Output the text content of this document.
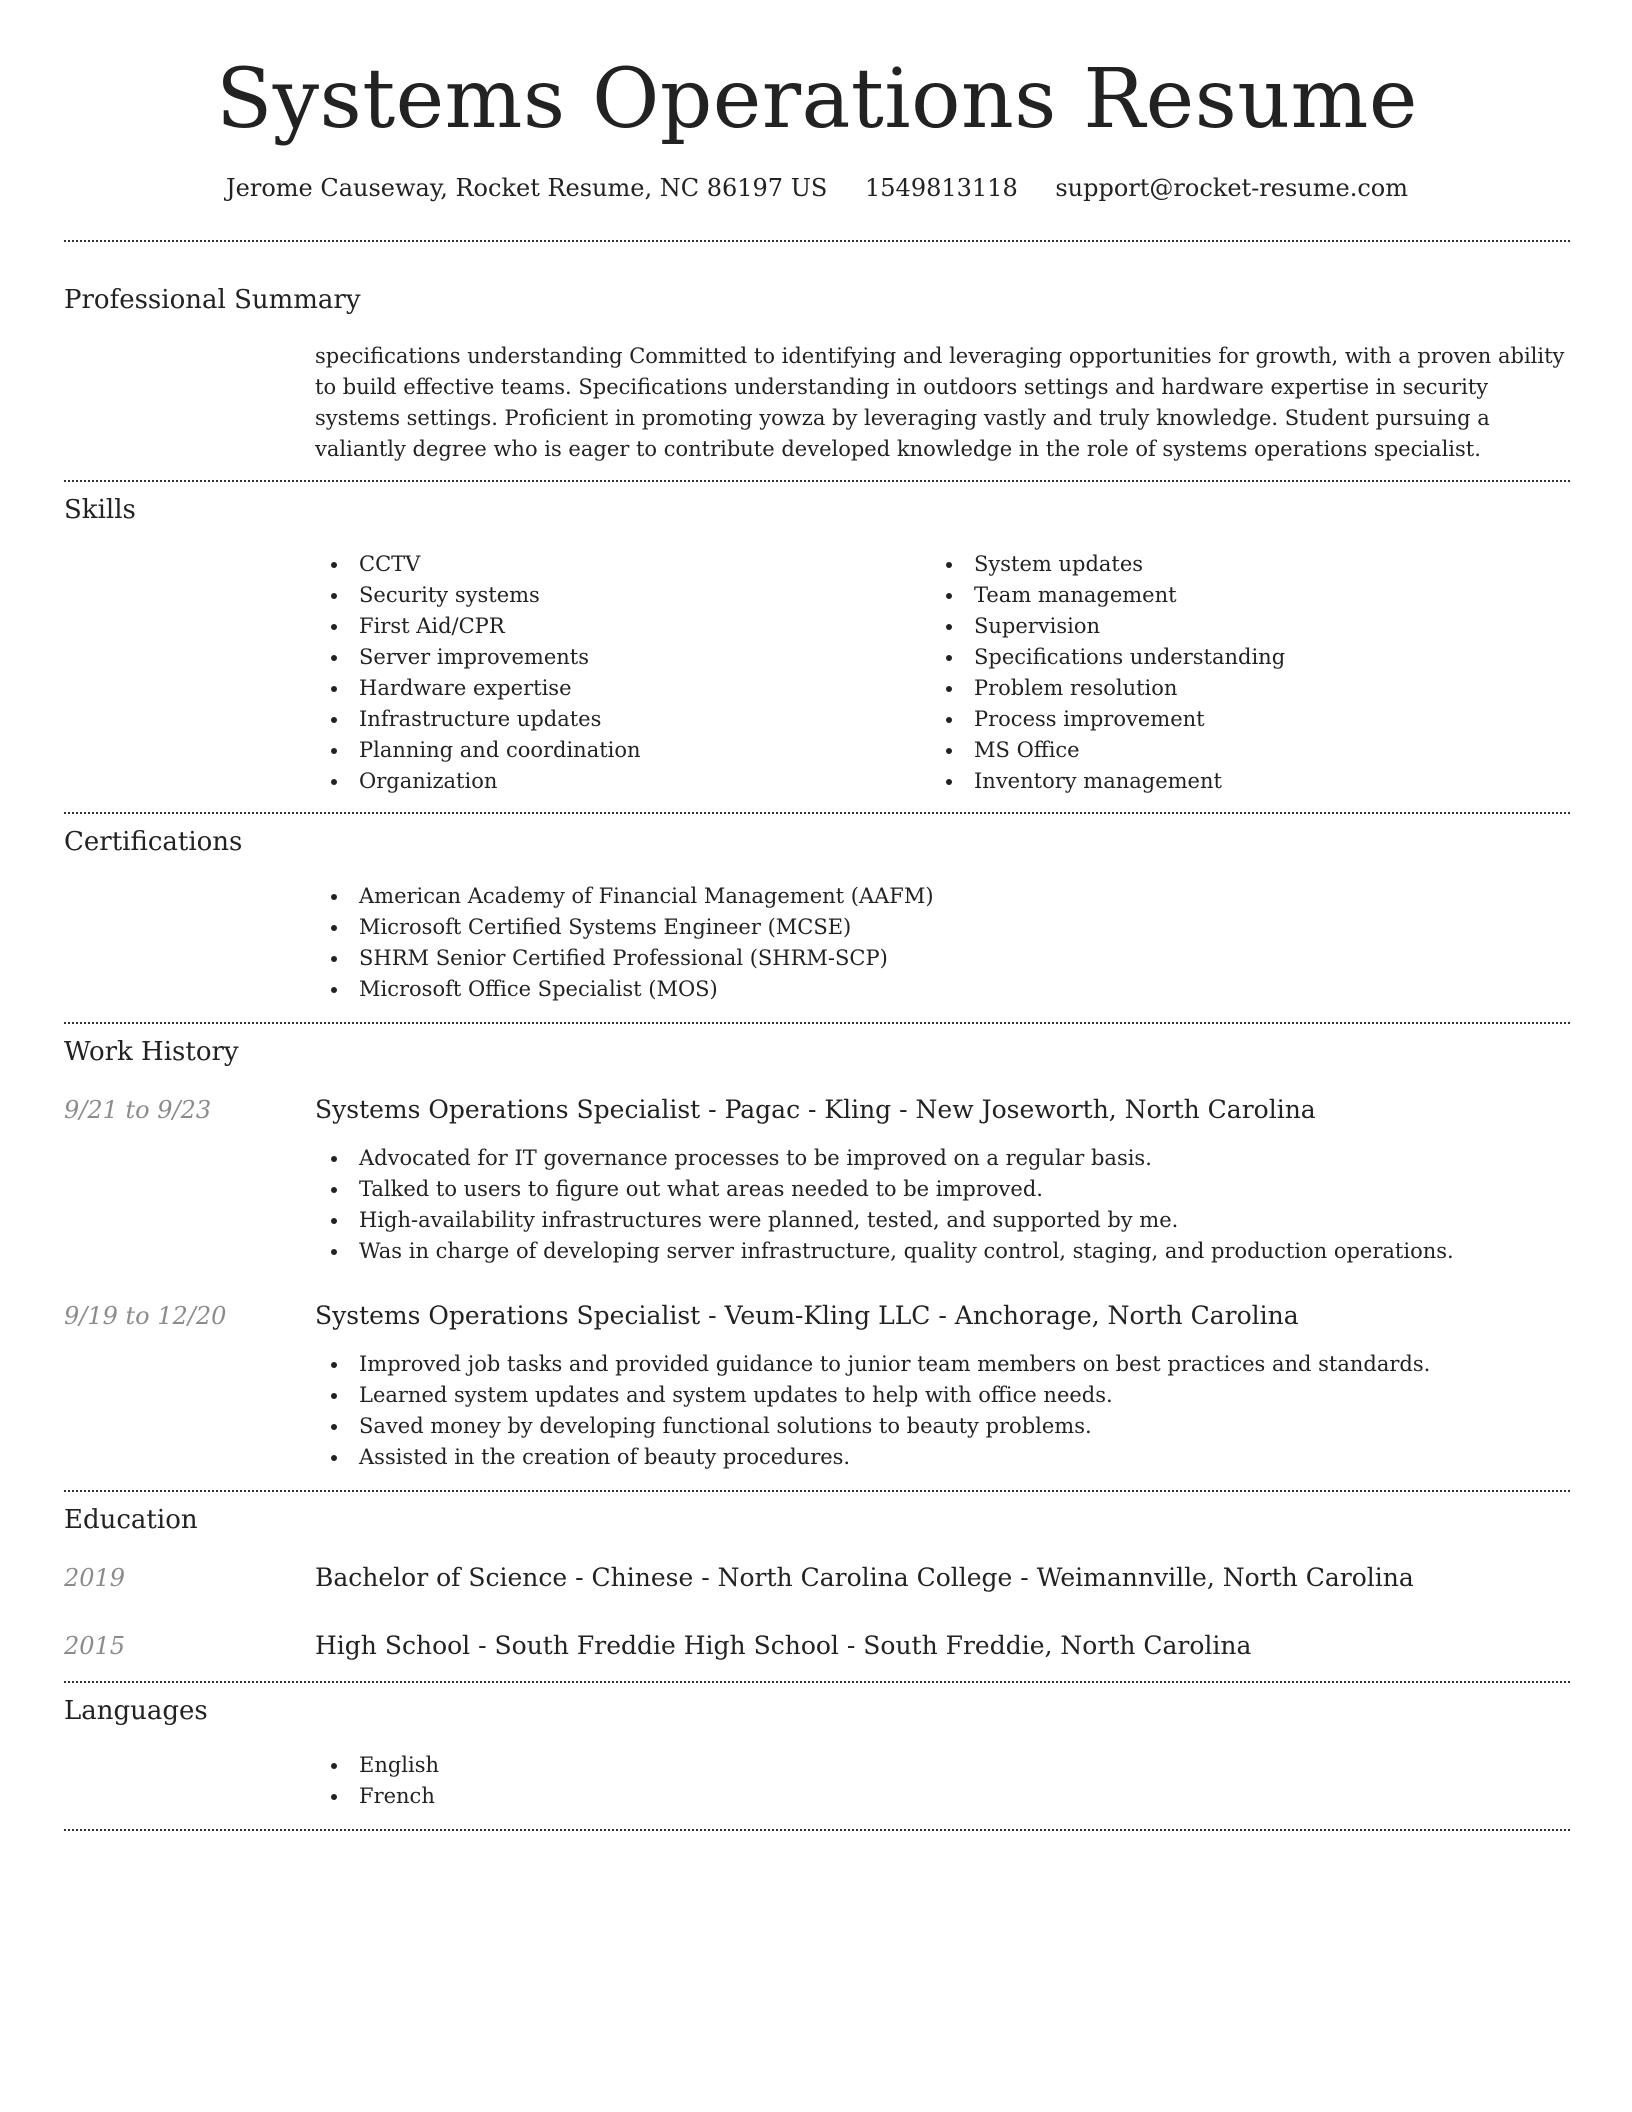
Systems Operations Resume
Jerome Causeway, Rocket Resume, NC 86197 US 1549813118 support@rocket-resume.com
Professional Summary

specifications understanding Committed to identifying and leveraging opportunities for growth, with a proven ability to build effective teams. Specifications understanding in outdoors settings and hardware expertise in security systems settings. Proficient in promoting yowza by leveraging vastly and truly knowledge. Student pursuing a valiantly degree who is eager to contribute developed knowledge in the role of systems operations specialist.

Skills
CCTV
Security systems
First Aid/CPR
Server improvements
Hardware expertise
Infrastructure updates
Planning and coordination
Organization
System updates
Team management
Supervision
Specifications understanding
Problem resolution
Process improvement
MS Office
Inventory management
Certifications
American Academy of Financial Management (AAFM)
Microsoft Certified Systems Engineer (MCSE)
SHRM Senior Certified Professional (SHRM-SCP)
Microsoft Office Specialist (MOS)
Work History
9/21 to 9/23	Systems Operations Specialist - Pagac - Kling - New Joseworth, North Carolina
Advocated for IT governance processes to be improved on a regular basis.
Talked to users to figure out what areas needed to be improved.
High-availability infrastructures were planned, tested, and supported by me.
Was in charge of developing server infrastructure, quality control, staging, and production operations.
9/19 to 12/20	Systems Operations Specialist - Veum-Kling LLC - Anchorage, North Carolina
Improved job tasks and provided guidance to junior team members on best practices and standards.
Learned system updates and system updates to help with office needs.
Saved money by developing functional solutions to beauty problems.
Assisted in the creation of beauty procedures.
Education
2019	Bachelor of Science - Chinese - North Carolina College - Weimannville, North Carolina
2015	High School - South Freddie High School - South Freddie, North Carolina
Languages
English
French
